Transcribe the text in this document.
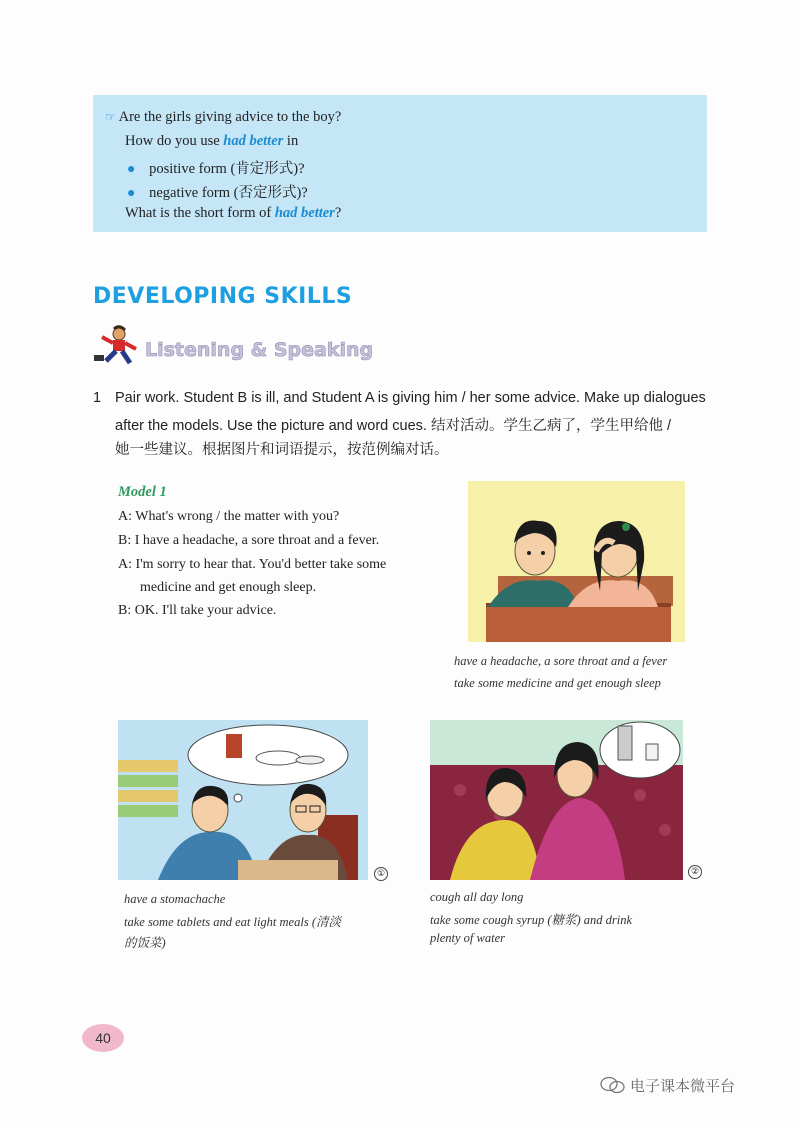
☞ Are the girls giving advice to the boy?
How do you use had better in
● positive form (肯定形式)?
● negative form (否定形式)?
What is the short form of had better?
DEVELOPING SKILLS
Listening & Speaking
1 Pair work. Student B is ill, and Student A is giving him / her some advice. Make up dialogues
after the models. Use the picture and word cues. 结对活动。学生乙病了，学生甲给他 /
她一些建议。根据图片和词语提示，按范例编对话。
Model 1
A: What's wrong / the matter with you?
B: I have a headache, a sore throat and a fever.
A: I'm sorry to hear that. You'd better take some
medicine and get enough sleep.
B: OK. I'll take your advice.
have a headache, a sore throat and a fever
take some medicine and get enough sleep
①
have a stomachache
take some tablets and eat light meals (清淡
的饭菜)
②
cough all day long
take some cough syrup (糖浆) and drink
plenty of water
40
电子课本微平台
